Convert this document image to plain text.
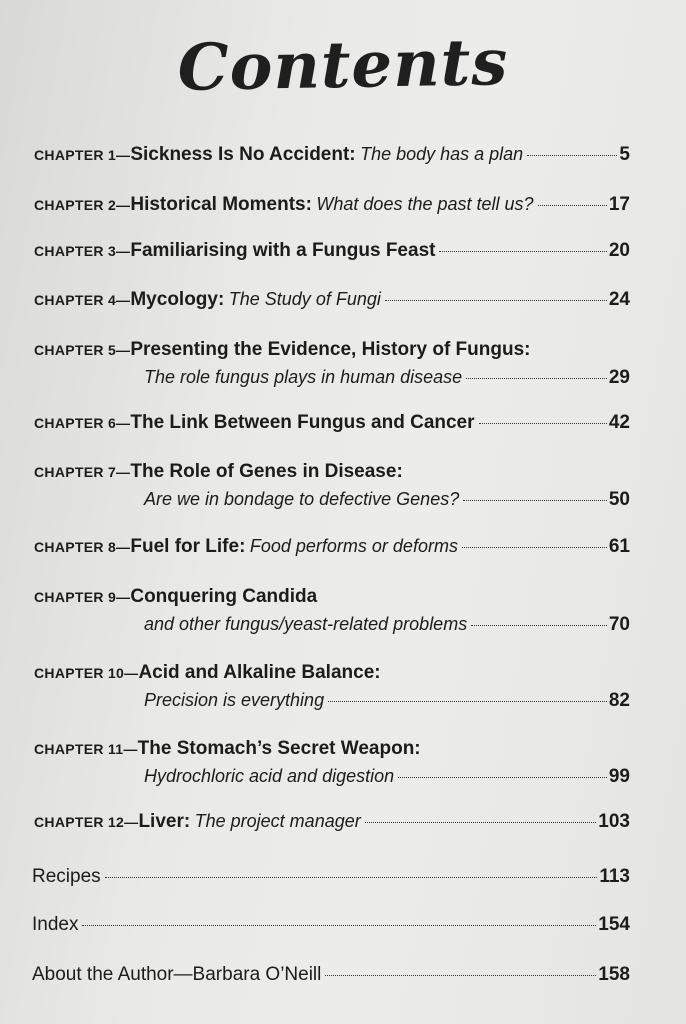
Contents
CHAPTER 1— Sickness Is No Accident:
The body has a plan	5
CHAPTER 2— Historical Moments:
What does the past tell us?	17
CHAPTER 3— Familiarising with a Fungus Feast	20
CHAPTER 4— Mycology:
The Study of Fungi	24
CHAPTER 5— Presenting the Evidence, History of Fungus:
The role fungus plays in human disease	29
CHAPTER 6— The Link Between Fungus and Cancer	42
CHAPTER 7— The Role of Genes in Disease:
Are we in bondage to defective Genes?	50
CHAPTER 8— Fuel for Life:
Food performs or deforms	61
CHAPTER 9— Conquering Candida
and other fungus/yeast-related problems	70
CHAPTER 10— Acid and Alkaline Balance:
Precision is everything	82
CHAPTER 11— The Stomach’s Secret Weapon:
Hydrochloric acid and digestion	99
CHAPTER 12— Liver:
The project manager	103
Recipes	113
Index	154
About the Author—Barbara O’Neill	158
